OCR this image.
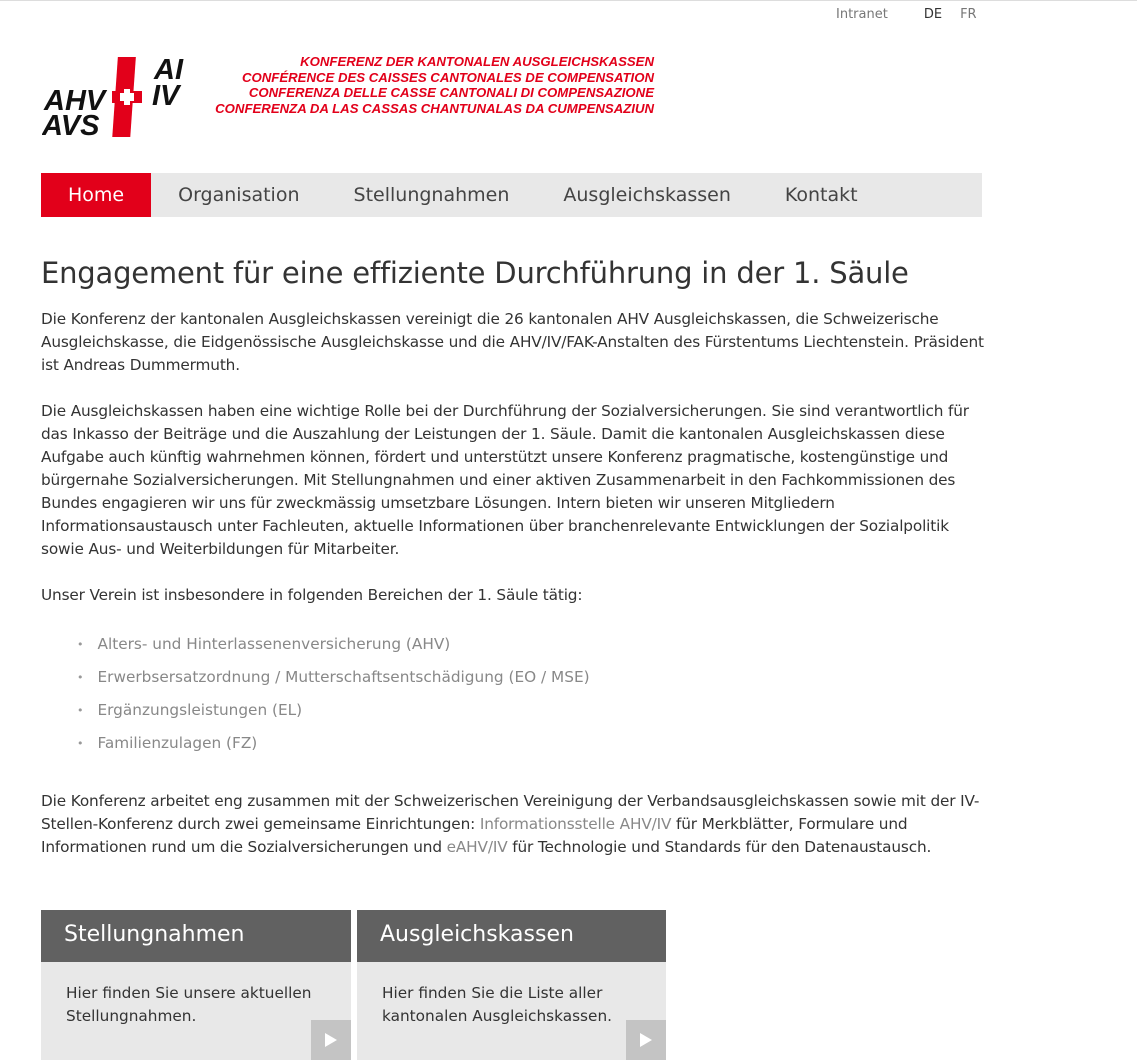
Intranet	DE FR
AHV
AVS
AI
IV
KONFERENZ DER KANTONALEN AUSGLEICHSKASSEN
CONFÉRENCE DES CAISSES CANTONALES DE COMPENSATION
CONFERENZA DELLE CASSE CANTONALI DI COMPENSAZIONE
CONFERENZA DA LAS CASSAS CHANTUNALAS DA CUMPENSAZIUN
Home	Organisation	Stellungnahmen	Ausgleichskassen	Kontakt
Engagement für eine effiziente Durchführung in der 1. Säule

Die Konferenz der kantonalen Ausgleichskassen vereinigt die 26 kantonalen AHV Ausgleichskassen, die Schweizerische Ausgleichskasse, die Eidgenössische Ausgleichskasse und die AHV/IV/FAK-Anstalten des Fürstentums Liechtenstein. Präsident ist Andreas Dummermuth.

Die Ausgleichskassen haben eine wichtige Rolle bei der Durchführung der Sozialversicherungen. Sie sind verantwortlich für das Inkasso der Beiträge und die Auszahlung der Leistungen der 1. Säule. Damit die kantonalen Ausgleichskassen diese Aufgabe auch künftig wahrnehmen können, fördert und unterstützt unsere Konferenz pragmatische, kostengünstige und bürgernahe Sozialversicherungen. Mit Stellungnahmen und einer aktiven Zusammenarbeit in den Fachkommissionen des Bundes engagieren wir uns für zweckmässig umsetzbare Lösungen. Intern bieten wir unseren Mitgliedern Informationsaustausch unter Fachleuten, aktuelle Informationen über branchenrelevante Entwicklungen der Sozialpolitik sowie Aus- und Weiterbildungen für Mitarbeiter.

Unser Verein ist insbesondere in folgenden Bereichen der 1. Säule tätig:

• Alters- und Hinterlassenenversicherung (AHV)
• Erwerbsersatzordnung / Mutterschaftsentschädigung (EO / MSE)
• Ergänzungsleistungen (EL)
• Familienzulagen (FZ)

Die Konferenz arbeitet eng zusammen mit der Schweizerischen Vereinigung der Verbandsausgleichskassen sowie mit der IV-Stellen-Konferenz durch zwei gemeinsame Einrichtungen: Informationsstelle AHV/IV für Merkblätter, Formulare und Informationen rund um die Sozialversicherungen und eAHV/IV für Technologie und Standards für den Datenaustausch.

Stellungnahmen
Hier finden Sie unsere aktuellen Stellungnahmen.
Ausgleichskassen
Hier finden Sie die Liste aller kantonalen Ausgleichskassen.
